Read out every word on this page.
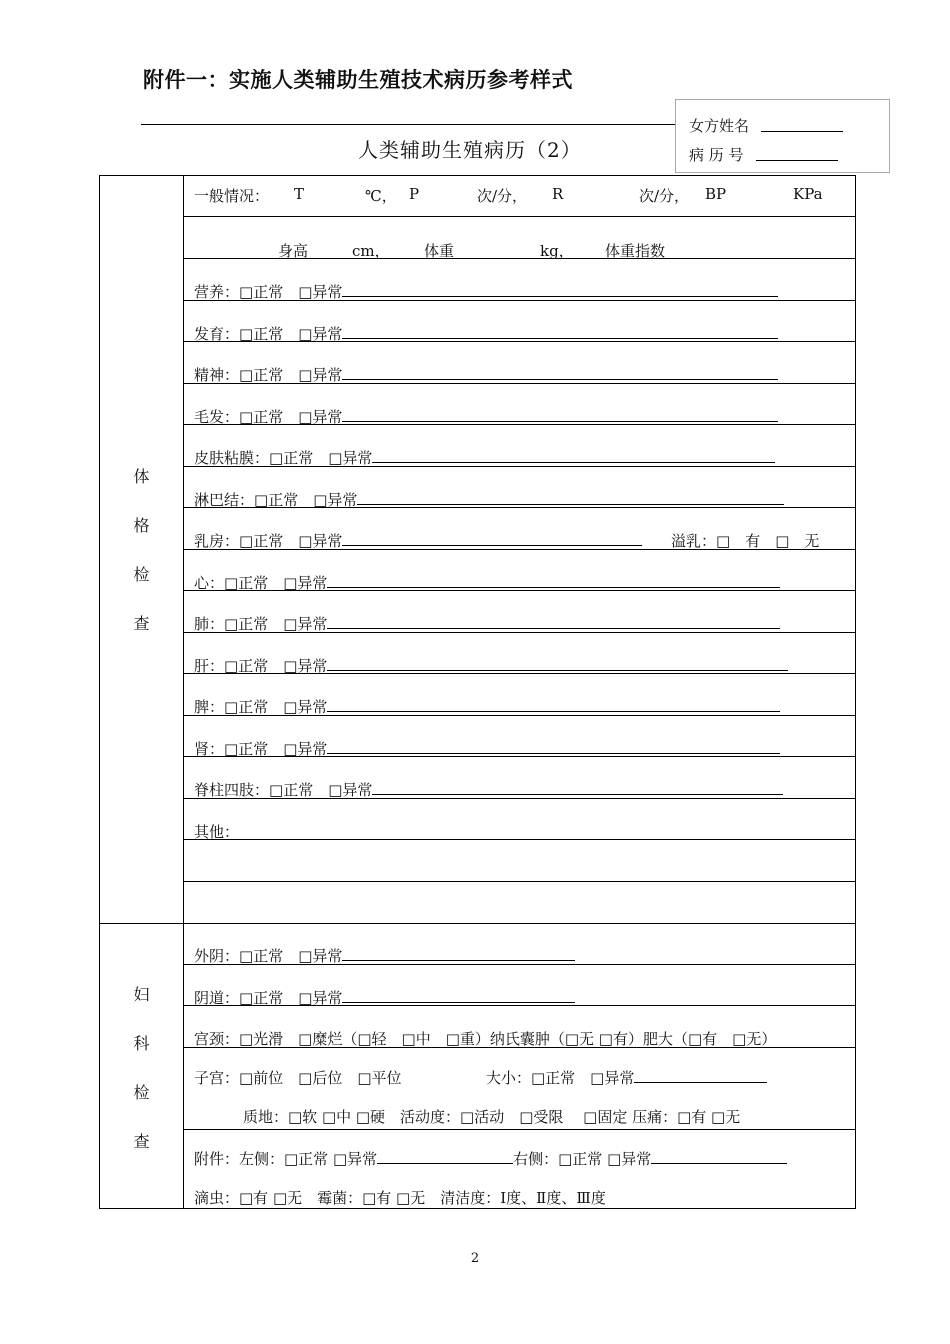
附件一：实施人类辅助生殖技术病历参考样式
人类辅助生殖病历（2）
女方姓名
病 历 号
体
格
检
查
妇
科
检
查
一般情况： T	℃， P	次/分， R	次/分， BP	KPa
身高	cm， 体重	kg， 体重指数
营养：□正常　 □异常
发育：□正常　 □异常
精神：□正常　 □异常
毛发：□正常　 □异常
皮肤粘膜：□正常　 □异常
淋巴结：□正常　 □异常
乳房：□正常　 □异常	溢乳：□　有　 □　无
心：□正常　 □异常
肺：□正常　 □异常
肝：□正常　 □异常
脾：□正常　 □异常
肾：□正常　 □异常
脊柱四肢：□正常　 □异常
其他：
外阴：□正常　 □异常
阴道：□正常　 □异常
宫颈：□光滑　□糜烂（□轻　□中　□重）纳氏囊肿（□无 □有）肥大（□有　□无）
子宫：□前位　□后位　□平位	大小：□正常　□异常
质地：□软 □中 □硬　活动度：□活动　□受限　 □固定 压痛：□有 □无
附件：左侧：□正常 □异常	右侧：□正常 □异常
滴虫：□有 □无　霉菌：□有 □无　清洁度：Ⅰ度、Ⅱ度、Ⅲ度
2
